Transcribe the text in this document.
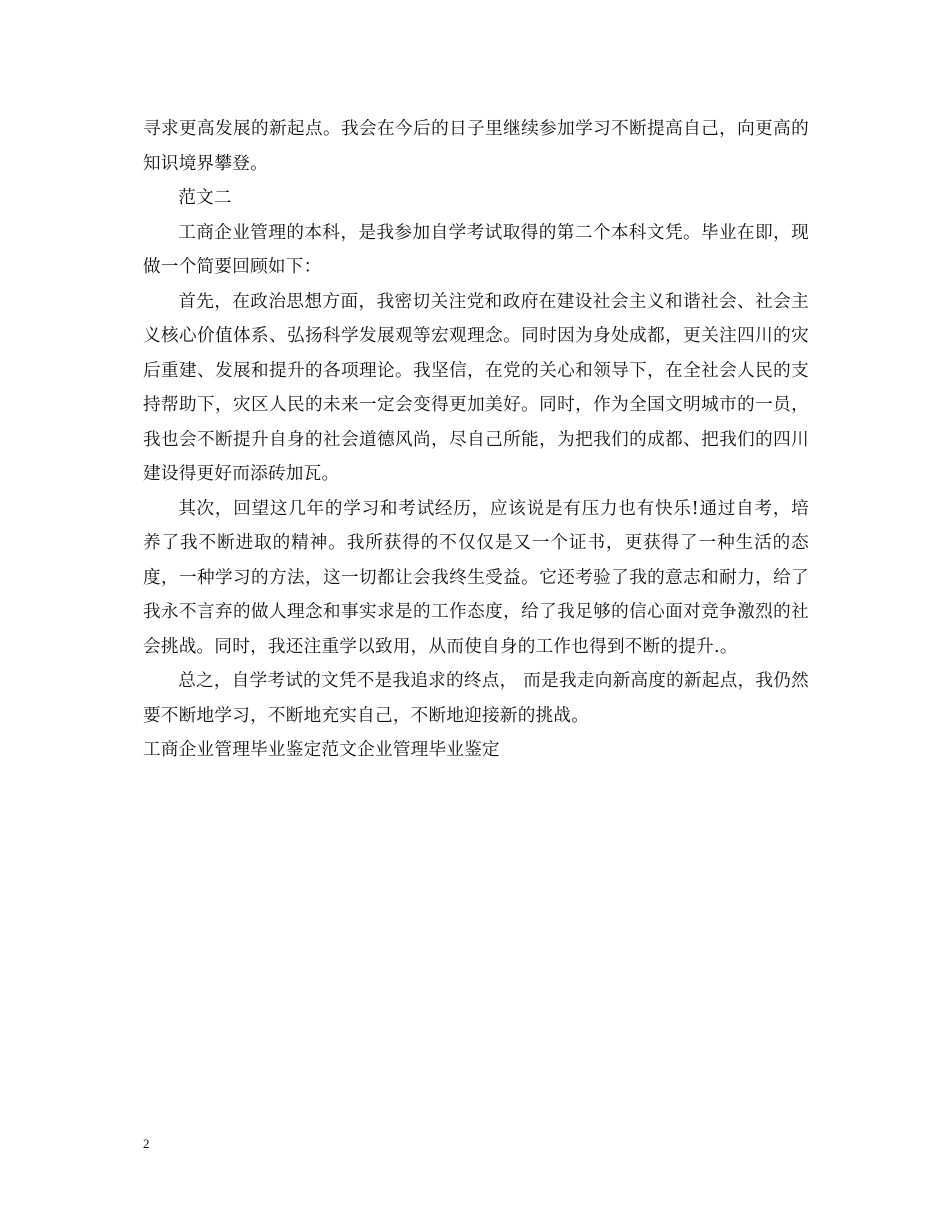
寻求更高发展的新起点。我会在今后的日子里继续参加学习不断提高自己，向更高的知识境界攀登。

范文二

工商企业管理的本科，是我参加自学考试取得的第二个本科文凭。毕业在即，现做一个简要回顾如下：

首先，在政治思想方面，我密切关注党和政府在建设社会主义和谐社会、社会主义核心价值体系、弘扬科学发展观等宏观理念。同时因为身处成都，更关注四川的灾后重建、发展和提升的各项理论。我坚信，在党的关心和领导下，在全社会人民的支持帮助下，灾区人民的未来一定会变得更加美好。同时，作为全国文明城市的一员，我也会不断提升自身的社会道德风尚，尽自己所能，为把我们的成都、把我们的四川建设得更好而添砖加瓦。

其次，回望这几年的学习和考试经历，应该说是有压力也有快乐!通过自考，培养了我不断进取的精神。我所获得的不仅仅是又一个证书，更获得了一种生活的态度，一种学习的方法，这一切都让会我终生受益。它还考验了我的意志和耐力，给了我永不言弃的做人理念和事实求是的工作态度，给了我足够的信心面对竞争激烈的社会挑战。同时，我还注重学以致用，从而使自身的工作也得到不断的提升.。

总之，自学考试的文凭不是我追求的终点， 而是我走向新高度的新起点，我仍然要不断地学习，不断地充实自己，不断地迎接新的挑战。

工商企业管理毕业鉴定范文企业管理毕业鉴定

2
